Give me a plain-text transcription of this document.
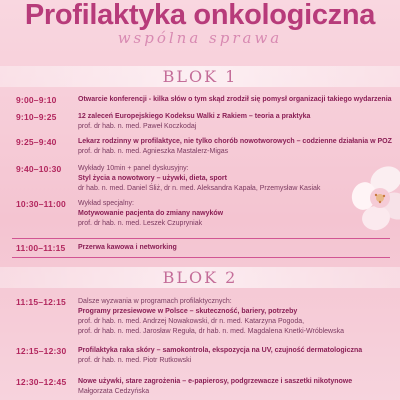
Profilaktyka onkologiczna
wspólna sprawa
BLOK 1
9:00–9:10	Otwarcie konferencji - kilka słów o tym skąd zrodził się pomysł organizacji takiego wydarzenia
9:10–9:25	12 zaleceń Europejskiego Kodeksu Walki z Rakiem – teoria a praktyka
prof. dr hab. n. med. Paweł Koczkodaj
9:25–9:40	Lekarz rodzinny w profilaktyce, nie tylko chorób nowotworowych – codzienne działania w POZ
prof. dr hab. n. med. Agnieszka Mastalerz-Migas
9:40–10:30 Wykłady 10min + panel dyskusyjny:
Styl życia a nowotwory – używki, dieta, sport
dr hab. n. med. Daniel Śliż, dr n. med. Aleksandra Kapała, Przemysław Kasiak
10:30–11:00 Wykład specjalny:
Motywowanie pacjenta do zmiany nawyków
prof. dr hab. n. med. Leszek Czupryniak
11:00–11:15 Przerwa kawowa i networking
BLOK 2
11:15–12:15 Dalsze wyzwania w programach profilaktycznych:
Programy przesiewowe w Polsce – skuteczność, bariery, potrzeby
prof. dr hab. n. med. Andrzej Nowakowski, dr n. med. Katarzyna Pogoda,
prof. dr hab. n. med. Jarosław Reguła, dr hab. n. med. Magdalena Knetki-Wróblewska
12:15–12:30 Profilaktyka raka skóry – samokontrola, ekspozycja na UV, czujność dermatologiczna
prof. dr hab. n. med. Piotr Rutkowski
12:30–12:45 Nowe używki, stare zagrożenia – e-papierosy, podgrzewacze i saszetki nikotynowe
Małgorzata Cedzyńska
